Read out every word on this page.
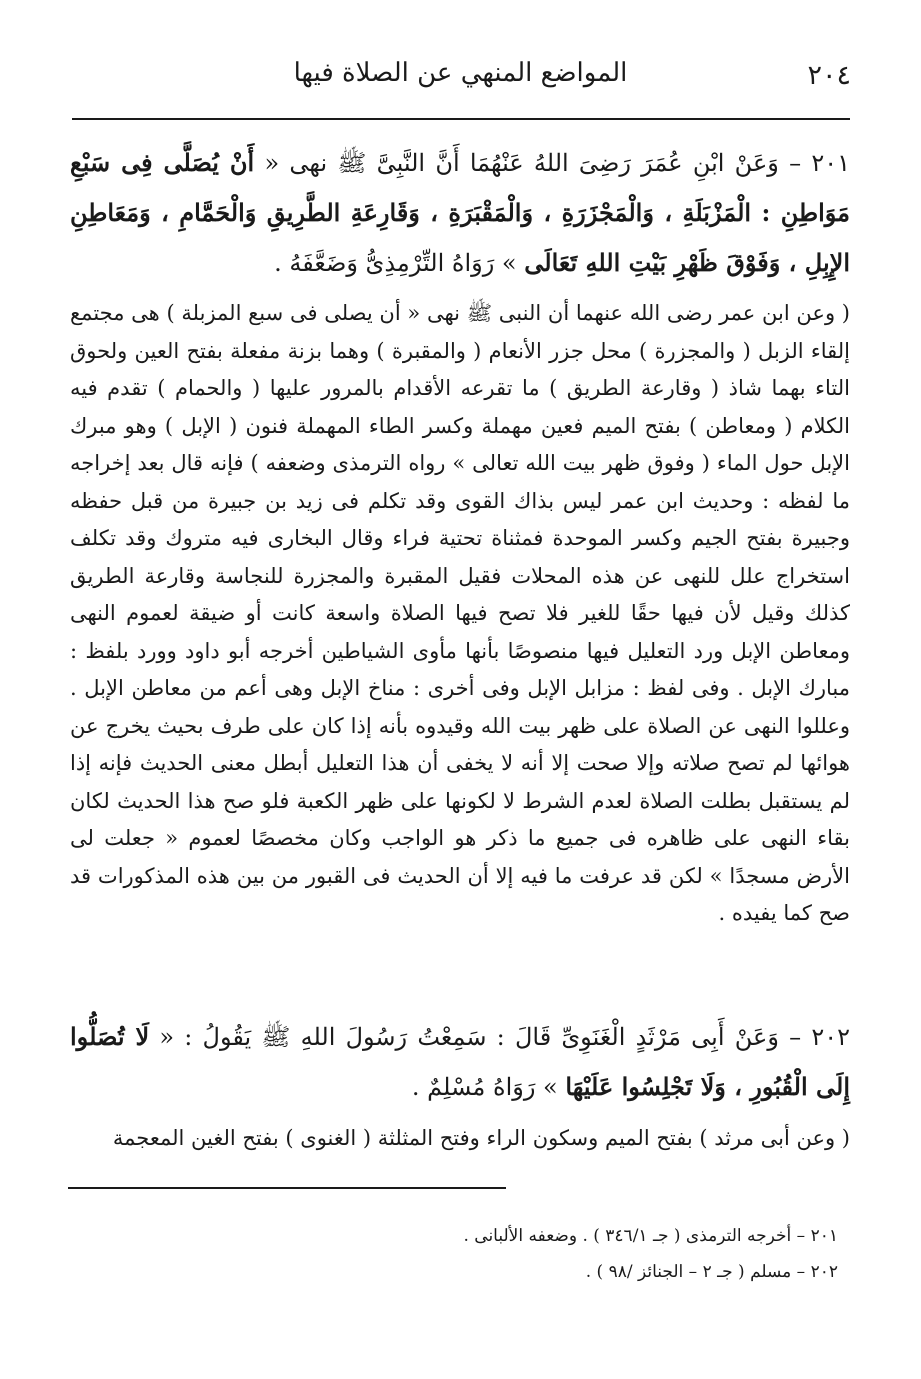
٢٠٤
المواضع المنهي عن الصلاة فيها

٢٠١ – وَعَنْ ابْنِ عُمَرَ رَضِىَ اللهُ عَنْهُمَا أَنَّ النَّبِىَّ ﷺ نهى « أَنْ يُصَلَّى فِى سَبْعِ مَوَاطِنِ : الْمَزْبَلَةِ ، وَالْمَجْزَرَةِ ، وَالْمَقْبَرَةِ ، وَقَارِعَةِ الطَّرِيقِ وَالْحَمَّامِ ، وَمَعَاطِنِ الإِبِلِ ، وَفَوْقَ ظَهْرِ بَيْتِ اللهِ تَعَالَى » رَوَاهُ التِّرْمِذِىُّ وَضَعَّفَهُ .

( وعن ابن عمر رضى الله عنهما أن النبى ﷺ نهى « أن يصلى فى سبع المزبلة ) هى مجتمع إلقاء الزبل ( والمجزرة ) محل جزر الأنعام ( والمقبرة ) وهما بزنة مفعلة بفتح العين ولحوق التاء بهما شاذ ( وقارعة الطريق ) ما تقرعه الأقدام بالمرور عليها ( والحمام ) تقدم فيه الكلام ( ومعاطن ) بفتح الميم فعين مهملة وكسر الطاء المهملة فنون ( الإبل ) وهو مبرك الإبل حول الماء ( وفوق ظهر بيت الله تعالى » رواه الترمذى وضعفه ) فإنه قال بعد إخراجه ما لفظه : وحديث ابن عمر ليس بذاك القوى وقد تكلم فى زيد بن جبيرة من قبل حفظه وجبيرة بفتح الجيم وكسر الموحدة فمثناة تحتية فراء وقال البخارى فيه متروك وقد تكلف استخراج علل للنهى عن هذه المحلات فقيل المقبرة والمجزرة للنجاسة وقارعة الطريق كذلك وقيل لأن فيها حقًا للغير فلا تصح فيها الصلاة واسعة كانت أو ضيقة لعموم النهى ومعاطن الإبل ورد التعليل فيها منصوصًا بأنها مأوى الشياطين أخرجه أبو داود وورد بلفظ : مبارك الإبل . وفى لفظ : مزابل الإبل وفى أخرى : مناخ الإبل وهى أعم من معاطن الإبل . وعللوا النهى عن الصلاة على ظهر بيت الله وقيدوه بأنه إذا كان على طرف بحيث يخرج عن هوائها لم تصح صلاته وإلا صحت إلا أنه لا يخفى أن هذا التعليل أبطل معنى الحديث فإنه إذا لم يستقبل بطلت الصلاة لعدم الشرط لا لكونها على ظهر الكعبة فلو صح هذا الحديث لكان بقاء النهى على ظاهره فى جميع ما ذكر هو الواجب وكان مخصصًا لعموم « جعلت لى الأرض مسجدًا » لكن قد عرفت ما فيه إلا أن الحديث فى القبور من بين هذه المذكورات قد صح كما يفيده .

٢٠٢ – وَعَنْ أَبِى مَرْثَدٍ الْغَنَوِىِّ قَالَ : سَمِعْتُ رَسُولَ اللهِ ﷺ يَقُولُ : « لَا تُصَلُّوا إِلَى الْقُبُورِ ، وَلَا تَجْلِسُوا عَلَيْهَا » رَوَاهُ مُسْلِمٌ .

( وعن أبى مرثد ) بفتح الميم وسكون الراء وفتح المثلثة ( الغنوى ) بفتح الغين المعجمة

٢٠١ – أخرجه الترمذى ( جـ ٣٤٦/١ ) . وضعفه الألبانى .

٢٠٢ – مسلم ( جـ ٢ – الجنائز /٩٨ ) .
